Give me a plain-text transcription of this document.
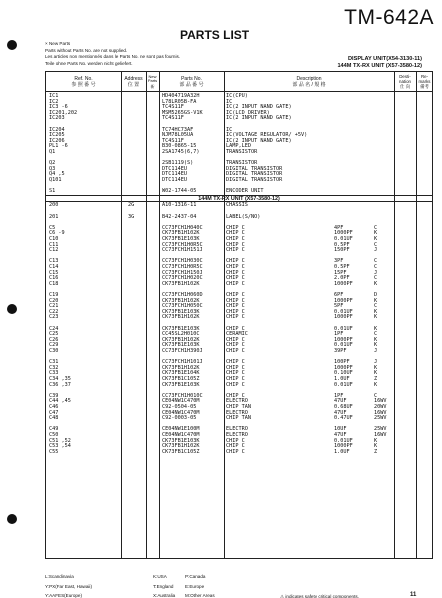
TM-642A
PARTS LIST
× New Parts
Parts without Parts No. are not supplied.
Les articles non mentionnés dans le Parts No. ne sont pas fournis.
Teile ohne Parts No. werden nicht geliefert.
DISPLAY UNIT(X54-3130-11)
144M TX-RX UNIT (X57-3580-12)
Ref. No.
参 照 番 号
Address
位 置
New Parts
新
Parts No.
部 品 番 号
Description
部 品 名 / 規 格
Desti- nation
仕 向
Re- marks
備考
IC1	HD404719A32H	IC(CPU)
IC2	L78LR05B-FA	IC
IC3 -6	TC4S11F	IC(2 INPUT NAND GATE)
IC201,202	MSM5265GS-V1K	IC(LCD DRIVER)
IC203	TC4S11F	IC(2 INPUT NAND GATE)
IC204	TC74HC73AF	IC
IC205	NJM78L05UA	IC(VOLTAGE REGULATOR/ +5V)
IC206	TC4S11F	IC(2 INPUT NAND GATE)
PL1 -6	B30-0865-15	LAMP,LED
Q1	2SA1745(6,7)	TRANSISTOR
Q2	2SB1119(S)	TRANSISTOR
Q3	DTC114EU	DIGITAL TRANSISTOR
Q4 ,5	DTC114EU	DIGITAL TRANSISTOR
Q101	DTC114EU	DIGITAL TRANSISTOR
S1	W02-1744-05	ENCODER UNIT
144M TX-RX UNIT (X57-3580-12)
200	2G	A10-1316-11	CHASSIS
201	3G	B42-2437-04	LABEL(S/NO)
C5	CC73FCH1H040C	CHIP C	4PF	C
C6 -9	CK73FB1H102K	CHIP C	1000PF	K
C10	CK73FB1E103K	CHIP C	0.01UF	K
C11	CC73FCH1H0R5C	CHIP C	0.5PF	C
C12	CC73FCH1H151J	CHIP C	150PF	J
C13	CC73FCH1H030C	CHIP C	3PF	C
C14	CC73FCH1H0R5C	CHIP C	0.5PF	C
C15	CC73FCH1H150J	CHIP C	15PF	J
C16	CC73FCH1H020C	CHIP C	2.0PF	C
C18	CK73FB1H102K	CHIP C	1000PF	K
C19	CC73FCH1H060D	CHIP C	6PF	D
C20	CK73FB1H102K	CHIP C	1000PF	K
C21	CC73FCH1H050C	CHIP C	5PF	C
C22	CK73FB1E103K	CHIP C	0.01UF	K
C23	CK73FB1H102K	CHIP C	1000PF	K
C24	CK73FB1E103K	CHIP C	0.01UF	K
C25	CC45SL2H010C	CERAMIC	1PF	C
C26	CK73FB1H102K	CHIP C	1000PF	K
C29	CK73FB1E103K	CHIP C	0.01UF	K
C30	CC73FCH1H390J	CHIP C	39PF	J
C31	CC73FCH1H101J	CHIP C	100PF	J
C32	CK73FB1H102K	CHIP C	1000PF	K
C33	CK73FB1E104K	CHIP C	0.10UF	K
C34 ,35	CK73FB1C105Z	CHIP C	1.0UF	Z
C36 ,37	CK73FB1E103K	CHIP C	0.01UF	K
C39	CC73FCH1H010C	CHIP C	1PF	C
C44 ,45	CE04NW1C470M	ELECTRO	47UF	16WV
C46	C92-0504-05	CHIP TAN	0.68UF	20WV
C47	CE04NW1C470M	ELECTRO	47UF	16WV
C48	C92-0003-05	CHIP TAN	0.47UF	25WV
C49	CE04NW1E100M	ELECTRO	10UF	25WV
C50	CE04NW1C470M	ELECTRO	47UF	16WV
C51 ,52	CK73FB1E103K	CHIP C	0.01UF	K
C53 ,54	CK73FB1H102K	CHIP C	1000PF	K
C55	CK73FB1C105Z	CHIP C	1.0UF	Z
L:Scandinavia
Y:PX(Far East, Hawaii)
Y:AAFES(Europe)
K:USA
T:England
X:Australia
P:Canada
E:Europe
M:Other Areas	⚠ indicates safety critical components.	11
